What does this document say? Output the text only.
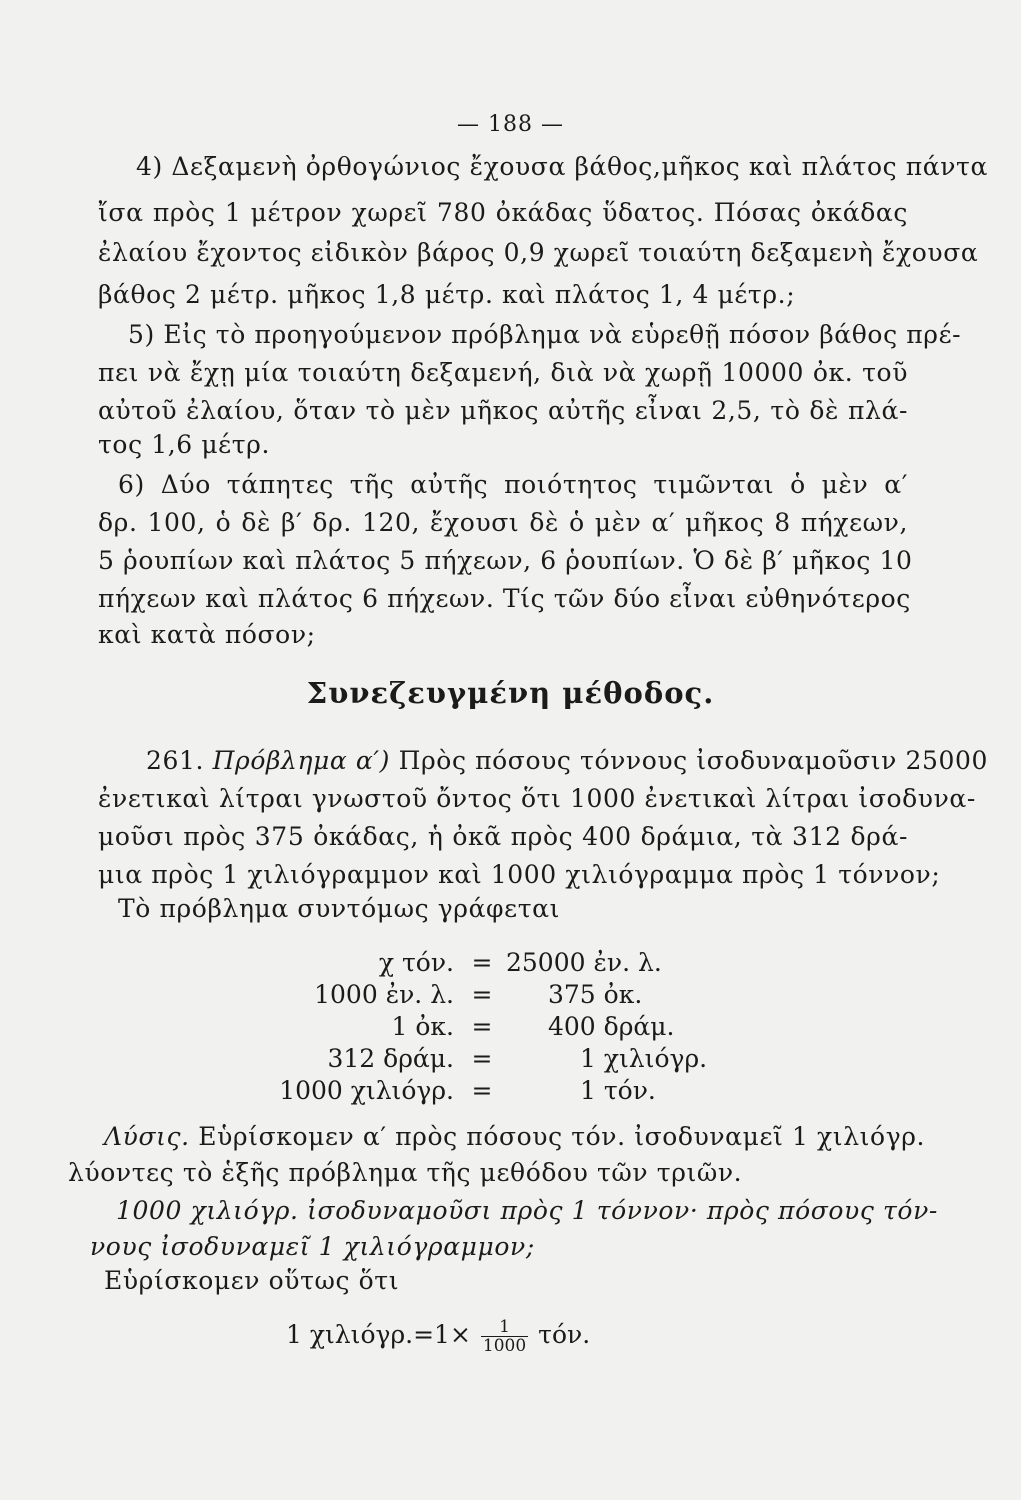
— 188 —
4) Δεξαμενὴ ὀρθογώνιος ἔχουσα βάθος,μῆκος καὶ πλάτος πάντα
ἴσα πρὸς 1 μέτρον χωρεῖ 780 ὀκάδας ὕδατος. Πόσας ὀκάδας
ἐλαίου ἔχοντος εἰδικὸν βάρος 0,9 χωρεῖ τοιαύτη δεξαμενὴ ἔχουσα
βάθος 2 μέτρ. μῆκος 1,8 μέτρ. καὶ πλάτος 1, 4 μέτρ.;
5) Εἰς τὸ προηγούμενον πρόβλημα νὰ εὑρεθῇ πόσον βάθος πρέ-
πει νὰ ἔχῃ μία τοιαύτη δεξαμενή, διὰ νὰ χωρῇ 10000 ὀκ. τοῦ
αὐτοῦ ἐλαίου, ὅταν τὸ μὲν μῆκος αὐτῆς εἶναι 2,5, τὸ δὲ πλά-
τος 1,6 μέτρ.
6) Δύο τάπητες τῆς αὐτῆς ποιότητος τιμῶνται ὁ μὲν α′
δρ. 100, ὁ δὲ β′ δρ. 120, ἔχουσι δὲ ὁ μὲν α′ μῆκος 8 πήχεων,
5 ῥουπίων καὶ πλάτος 5 πήχεων, 6 ῥουπίων. Ὁ δὲ β′ μῆκος 10
πήχεων καὶ πλάτος 6 πήχεων. Τίς τῶν δύο εἶναι εὐθηνότερος
καὶ κατὰ πόσον;
Συνεζευγμένη μέθοδος.
261. Πρόβλημα α′) Πρὸς πόσους τόννους ἰσοδυναμοῦσιν 25000
ἐνετικαὶ λίτραι γνωστοῦ ὄντος ὅτι 1000 ἐνετικαὶ λίτραι ἰσοδυνα-
μοῦσι πρὸς 375 ὀκάδας, ἡ ὀκᾶ πρὸς 400 δράμια, τὰ 312 δρά-
μια πρὸς 1 χιλιόγραμμον καὶ 1000 χιλιόγραμμα πρὸς 1 τόννον;
Τὸ πρόβλημα συντόμως γράφεται
χ τόν. = 25000 ἐν. λ.
1000 ἐν. λ. =	375 ὀκ.
1 ὀκ. =	400 δράμ.
312 δράμ. =	1 χιλιόγρ.
1000 χιλιόγρ. =	1 τόν.
Λύσις. Εὑρίσκομεν α′ πρὸς πόσους τόν. ἰσοδυναμεῖ 1 χιλιόγρ.
λύοντες τὸ ἑξῆς πρόβλημα τῆς μεθόδου τῶν τριῶν.
1000 χιλιόγρ. ἰσοδυναμοῦσι πρὸς 1 τόννον· πρὸς πόσους τόν-
νους ἰσοδυναμεῖ 1 χιλιόγραμμον;
Εὑρίσκομεν οὕτως ὅτι
1 $\chi\iota\lambda\iota ό\gamma\rho.=1\times \frac{1}{1000} \tau ό\nu$.
